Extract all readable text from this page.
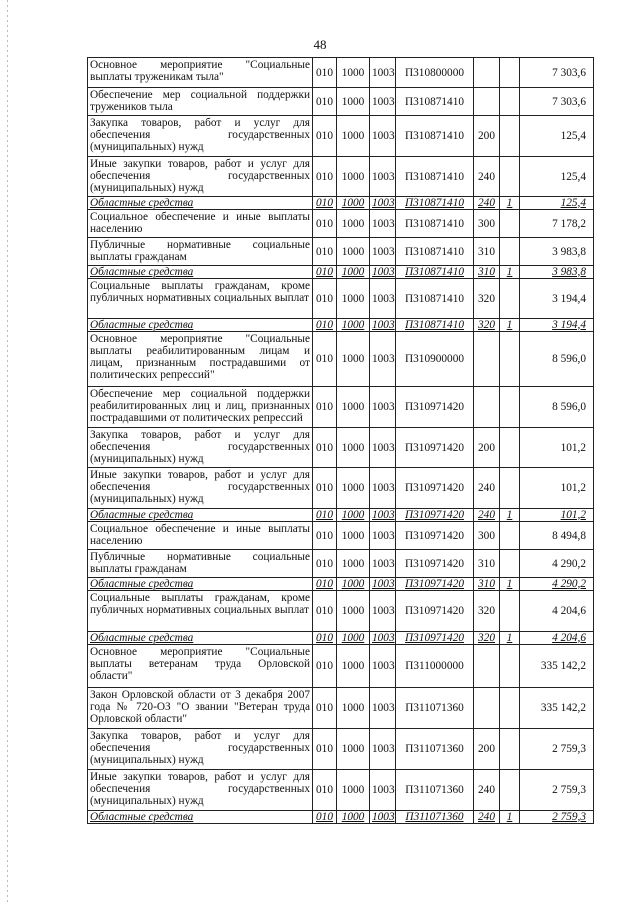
48
Основное мероприятие "Социальные выплаты труженикам тыла"	010	1000	1003	П310800000			7 303,6
Обеспечение мер социальной поддержки тружеников тыла	010	1000	1003	П310871410			7 303,6
Закупка товаров, работ и услуг для обеспечения государственных (муниципальных) нужд	010	1000	1003	П310871410	200		125,4
Иные закупки товаров, работ и услуг для обеспечения государственных (муниципальных) нужд	010	1000	1003	П310871410	240		125,4
Областные средства	010	1000	1003	П310871410	240	1	125,4
Социальное обеспечение и иные выплаты населению	010	1000	1003	П310871410	300		7 178,2
Публичные нормативные социальные выплаты гражданам	010	1000	1003	П310871410	310		3 983,8
Областные средства	010	1000	1003	П310871410	310	1	3 983,8
Социальные выплаты гражданам, кроме публичных нормативных социальных выплат	010	1000	1003	П310871410	320		3 194,4
Областные средства	010	1000	1003	П310871410	320	1	3 194,4
Основное мероприятие "Социальные выплаты реабилитированным лицам и лицам, признанным пострадавшими от политических репрессий"	010	1000	1003	П310900000			8 596,0
Обеспечение мер социальной поддержки реабилитированных лиц и лиц, признанных пострадавшими от политических репрессий	010	1000	1003	П310971420			8 596,0
Закупка товаров, работ и услуг для обеспечения государственных (муниципальных) нужд	010	1000	1003	П310971420	200		101,2
Иные закупки товаров, работ и услуг для обеспечения государственных (муниципальных) нужд	010	1000	1003	П310971420	240		101,2
Областные средства	010	1000	1003	П310971420	240	1	101,2
Социальное обеспечение и иные выплаты населению	010	1000	1003	П310971420	300		8 494,8
Публичные нормативные социальные выплаты гражданам	010	1000	1003	П310971420	310		4 290,2
Областные средства	010	1000	1003	П310971420	310	1	4 290,2
Социальные выплаты гражданам, кроме публичных нормативных социальных выплат	010	1000	1003	П310971420	320		4 204,6
Областные средства	010	1000	1003	П310971420	320	1	4 204,6
Основное мероприятие "Социальные выплаты ветеранам труда Орловской области"	010	1000	1003	П311000000			335 142,2
Закон Орловской области от 3 декабря 2007 года № 720-ОЗ "О звании "Ветеран труда Орловской области"	010	1000	1003	П311071360			335 142,2
Закупка товаров, работ и услуг для обеспечения государственных (муниципальных) нужд	010	1000	1003	П311071360	200		2 759,3
Иные закупки товаров, работ и услуг для обеспечения государственных (муниципальных) нужд	010	1000	1003	П311071360	240		2 759,3
Областные средства	010	1000	1003	П311071360	240	1	2 759,3
